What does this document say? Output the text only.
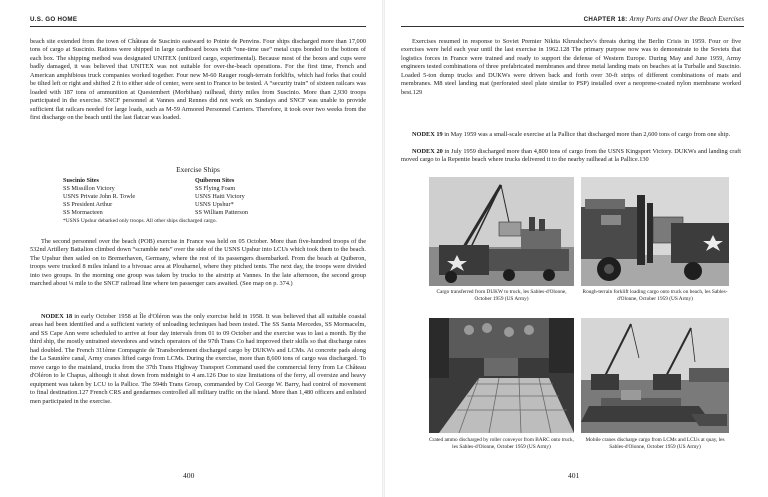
U.S. GO HOME

beach site extended from the town of Château de Suscinio eastward to Pointe de Penvins. Four ships discharged more than 17,000 tons of cargo at Suscinio. Rations were shipped in large cardboard boxes with “one-time use” metal cups bonded to the bottom of each box. The shipping method was designated UNITEX (unitized cargo, experimental). Because most of the boxes and cups were badly damaged, it was believed that UNITEX was not suitable for over-the-beach operations. For the first time, French and American amphibious truck companies worked together. Four new M-60 Rauger rough-terrain forklifts, which had forks that could be tilted left or right and shifted 2 ft to either side of center, were sent to France to be tested. A “security train” of sixteen railcars was loaded with 187 tons of ammunition at Questembert (Morbihan) railhead, thirty miles from Suscinio. More than 2,930 troops participated in the exercise. SNCF personnel at Vannes and Rennes did not work on Sundays and SNCF was unable to provide sufficient flat railcars needed for large loads, such as M-59 Armored Personnel Carriers. Therefore, it took over two weeks from the first discharge on the beach until the last flatcar was loaded.

Exercise Ships
Suscinio Sites
SS Missillon Victory
USNS Private John R. Towle
SS President Arthur
SS Mormacteen
Quiberon Sites
SS Flying Foam
USNS Haiti Victory
USNS Upshur*
SS William Patterson
*USNS Upshur debarked only troops. All other ships discharged cargo.

The second personnel over the beach (POB) exercise in France was held on 05 October. More than five-hundred troops of the 532nd Artillery Battalion climbed down “scramble nets” over the side of the USNS Upshur into LCUs which took them to the beach. The Upshur then sailed on to Bremerhaven, Germany, where the rest of its passengers disembarked. From the beach at Quiberon, troops were trucked 8 miles inland to a bivouac area at Plouharnel, where they pitched tents. The next day, the troops were divided into two groups. In the morning one group was taken by trucks to the airstrip at Vannes. In the late afternoon, the second group marched about ¼ mile to the SNCF railroad line where ten passenger cars awaited. (See map on p. 374.)

NODEX 18 in early October 1958 at Île d'Oléron was the only exercise held in 1958. It was believed that all suitable coastal areas had been identified and a sufficient variety of unloading techniques had been tested. The SS Santa Mercedes, SS Mormacelm, and SS Cape Ann were scheduled to arrive at four day intervals from 01 to 09 October and the exercise was to last a month. By the third ship, the mostly untrained stevedores and winch operators of the 97th Trans Co had improved their skills so that discharge rates had doubled. The French 311ème Compagnie de Transbordement discharged cargo by DUKWs and LCMs. At concrete pads along the La Saunière canal, Army cranes lifted cargo from LCMs. During the exercise, more than 8,600 tons of cargo was discharged. To move cargo to the mainland, trucks from the 37th Trans Highway Transport Command used the commercial ferry from Le Château d'Oléron to le Chapus, although it shut down from midnight to 4 am.126 Due to size limitations of the ferry, all oversize and heavy equipment was taken by LCU to la Pallice. The 594th Trans Group, commanded by Col George W. Barry, had control of movement to final destination.127 French CRS and gendarmes controlled all military traffic on the island. More than 1,480 officers and enlisted men participated in the exercise.

400
CHAPTER 18: Army Ports and Over the Beach Exercises

Exercises resumed in response to Soviet Premier Nikita Khrushchev's threats during the Berlin Crisis in 1959. Four or five exercises were held each year until the last exercise in 1962.128 The primary purpose now was to demonstrate to the Soviets that logistics forces in France were trained and ready to support the defense of Western Europe. During May and June 1959, Army engineers tested combinations of three prefabricated membranes and three metal landing mats on beaches at la Turballe and Suscinio. Loaded 5-ton dump trucks and DUKWs were driven back and forth over 30-ft strips of different combinations of mats and membranes. M8 steel landing mat (perforated steel plate similar to PSP) installed over a neoprene-coated nylon membrane worked best.129

NODEX 19 in May 1959 was a small-scale exercise at la Pallice that discharged more than 2,600 tons of cargo from one ship.

NODEX 20 in July 1959 discharged more than 4,800 tons of cargo from the USNS Kingsport Victory. DUKWs and landing craft moved cargo to la Repentie beach where trucks delivered it to the nearby railhead at la Pallice.130

Cargo transferred from DUKW to truck, les Sables-d'Olonne, October 1959 (US Army)
Rough-terrain forklift loading cargo onto truck on beach, les Sables-d'Olonne, October 1959 (US Army)
Crated ammo discharged by roller conveyor from BARC onto truck, les Sables-d'Olonne, October 1959 (US Army)
Mobile cranes discharge cargo from LCMs and LCUs at quay, les Sables-d'Olonne, October 1959 (US Army)
401
